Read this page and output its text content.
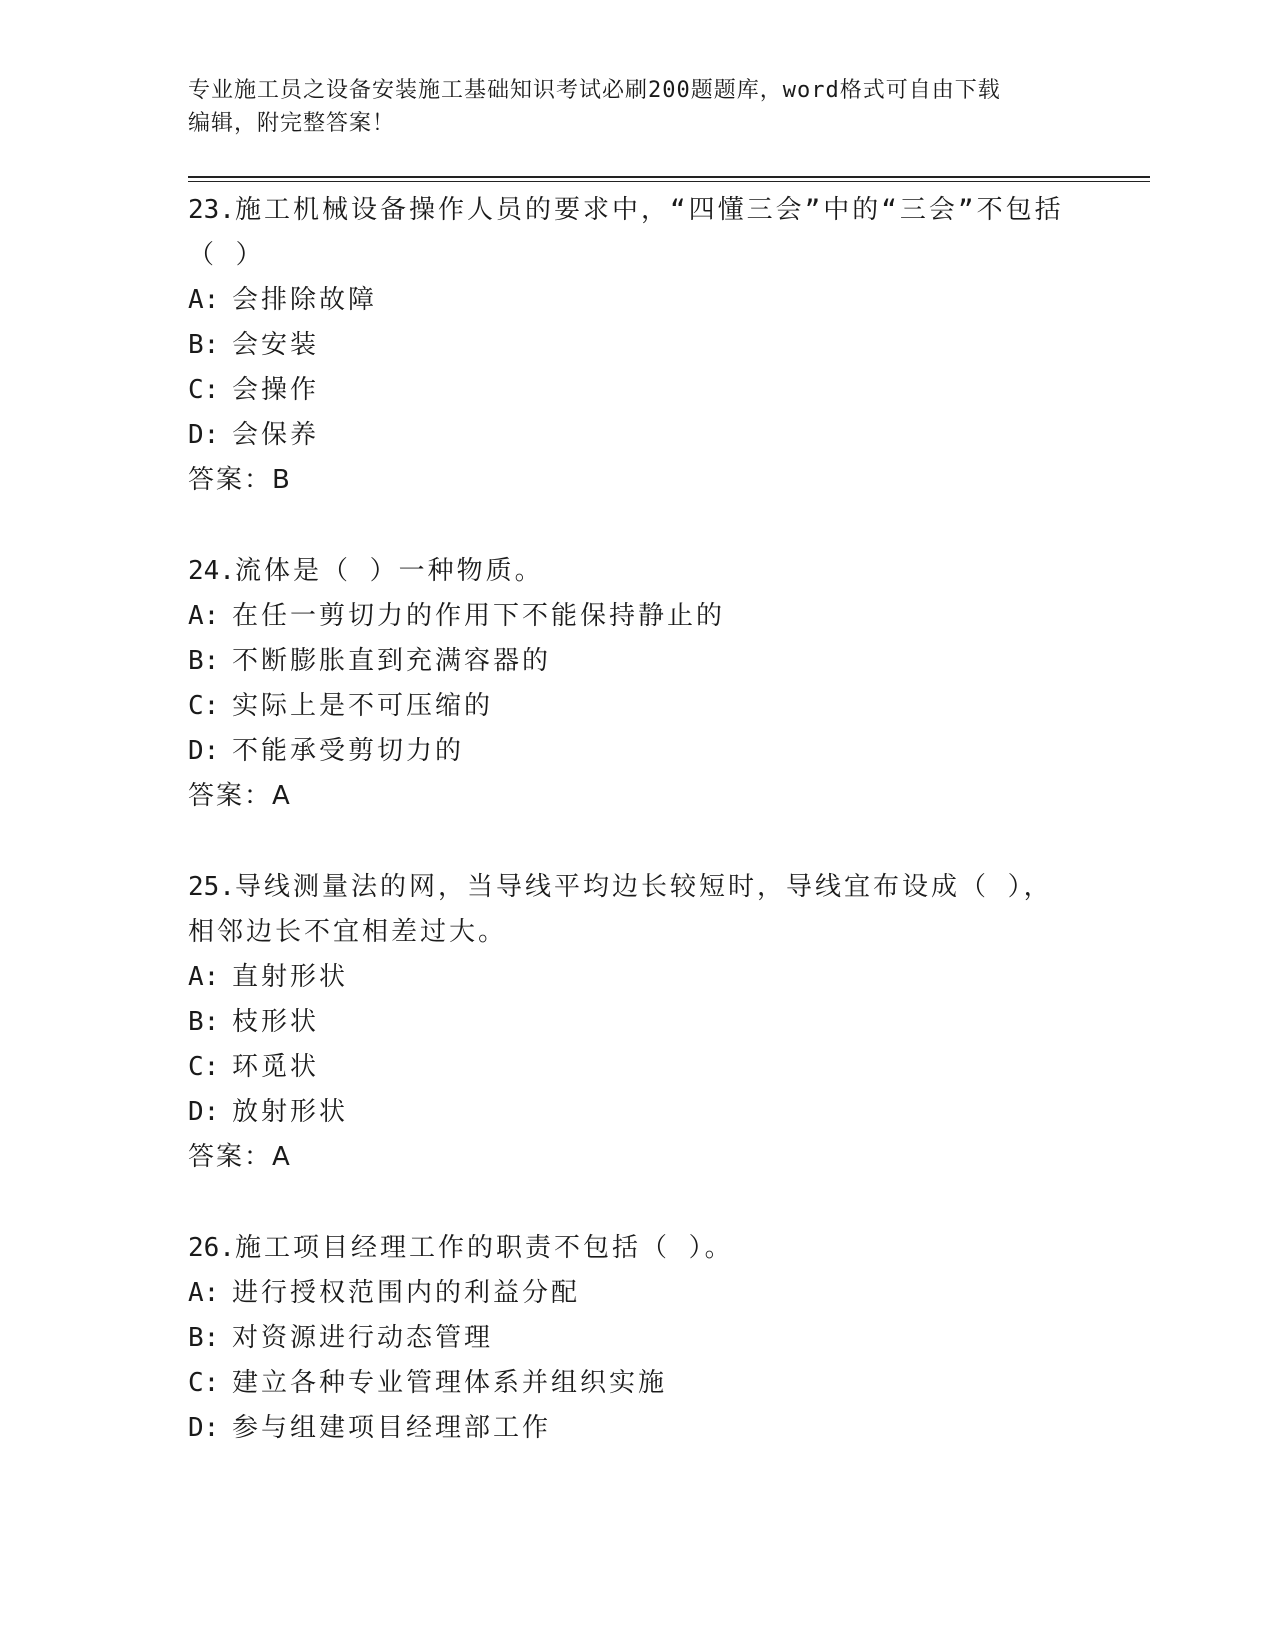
专业施工员之设备安装施工基础知识考试必刷200题题库，word格式可自由下载
编辑，附完整答案！

23.施工机械设备操作人员的要求中，“四懂三会”中的“三会”不包括（ ）

A: 会排除故障
B: 会安装
C: 会操作
D: 会保养
答案：B

24.流体是（ ）一种物质。

A: 在任一剪切力的作用下不能保持静止的
B: 不断膨胀直到充满容器的
C: 实际上是不可压缩的
D: 不能承受剪切力的
答案：A

25.导线测量法的网，当导线平均边长较短时，导线宜布设成（ ），相邻边长不宜相差过大。

A: 直射形状
B: 枝形状
C: 环觅状
D: 放射形状
答案：A

26.施工项目经理工作的职责不包括（ ）。

A: 进行授权范围内的利益分配
B: 对资源进行动态管理
C: 建立各种专业管理体系并组织实施
D: 参与组建项目经理部工作
